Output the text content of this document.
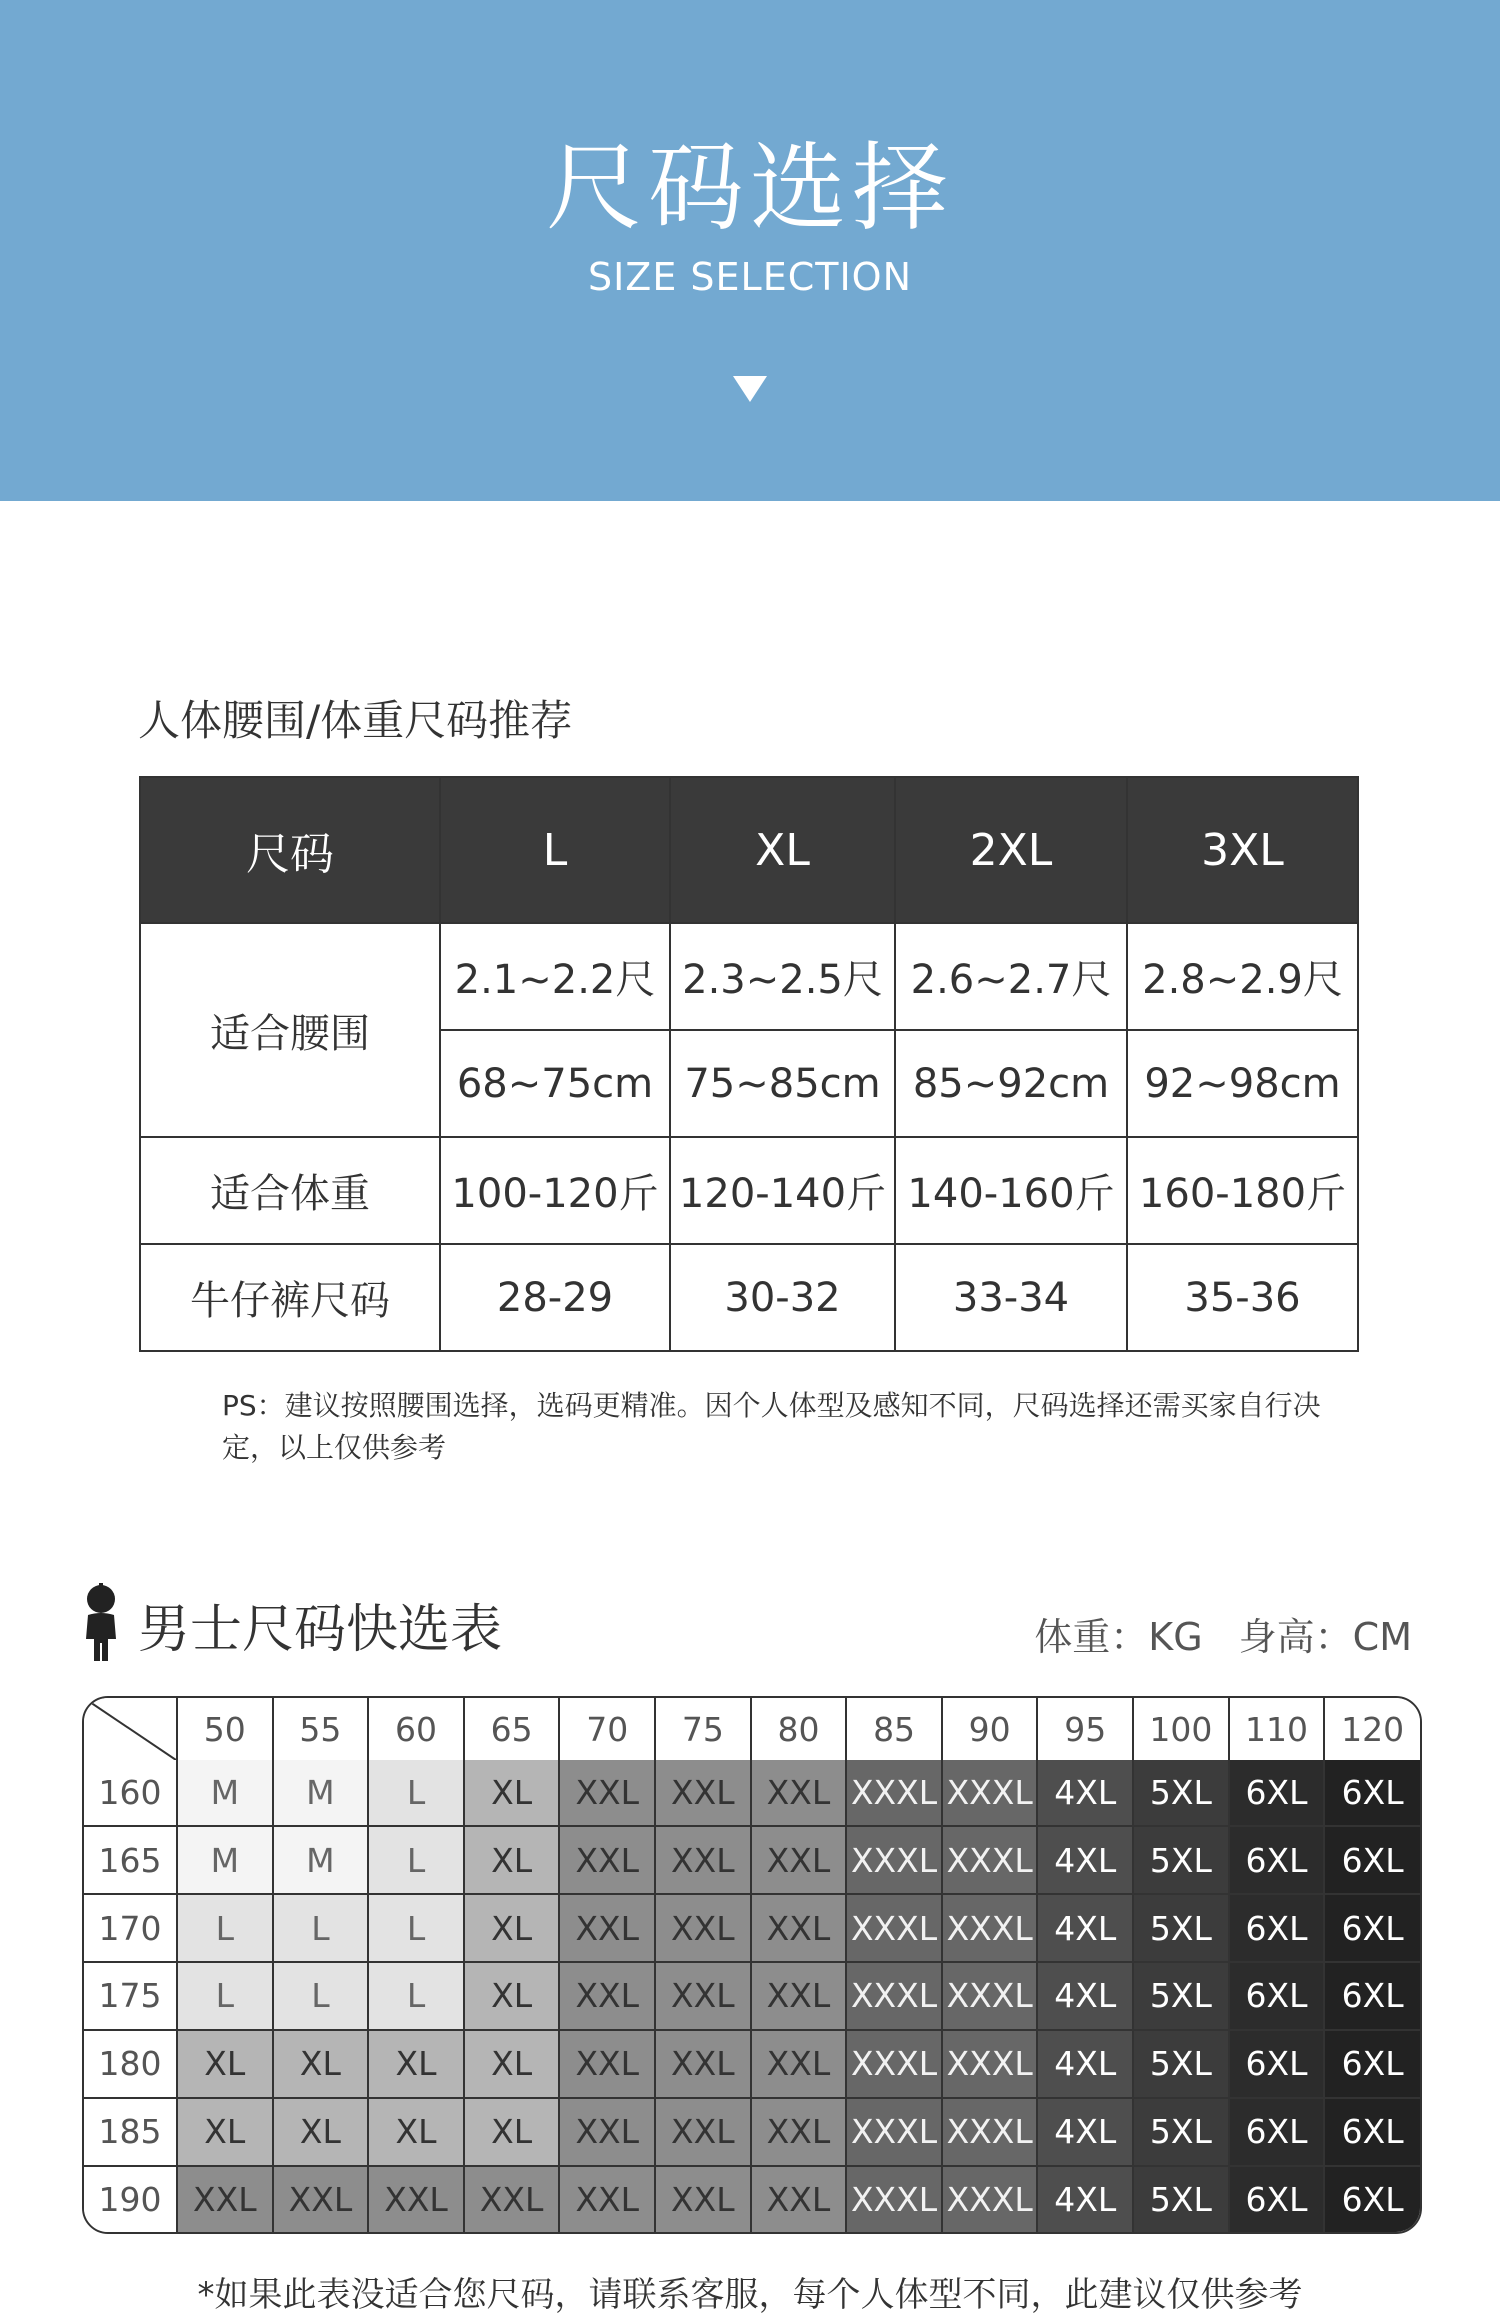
尺码选择
SIZE SELECTION
人体腰围/体重尺码推荐
尺码	L	XL	2XL	3XL
适合腰围	2.1~2.2尺	2.3~2.5尺	2.6~2.7尺	2.8~2.9尺
	68~75cm	75~85cm	85~92cm	92~98cm
适合体重	100-120斤	120-140斤	140-160斤	160-180斤
牛仔裤尺码	28-29	30-32	33-34	35-36
PS：建议按照腰围选择，选码更精准。因个人体型及感知不同，尺码选择还需买家自行决定，以上仅供参考
男士尺码快选表	体重：KG 身高：CM
	50	55	60	65	70	75	80	85	90	95	100	110	120
160	M	M	L	XL	XXL	XXL	XXL	XXXL	XXXL	4XL	5XL	6XL	6XL
165	M	M	L	XL	XXL	XXL	XXL	XXXL	XXXL	4XL	5XL	6XL	6XL
170	L	L	L	XL	XXL	XXL	XXL	XXXL	XXXL	4XL	5XL	6XL	6XL
175	L	L	L	XL	XXL	XXL	XXL	XXXL	XXXL	4XL	5XL	6XL	6XL
180	XL	XL	XL	XL	XXL	XXL	XXL	XXXL	XXXL	4XL	5XL	6XL	6XL
185	XL	XL	XL	XL	XXL	XXL	XXL	XXXL	XXXL	4XL	5XL	6XL	6XL
190	XXL	XXL	XXL	XXL	XXL	XXL	XXL	XXXL	XXXL	4XL	5XL	6XL	6XL
*如果此表没适合您尺码，请联系客服，每个人体型不同，此建议仅供参考
